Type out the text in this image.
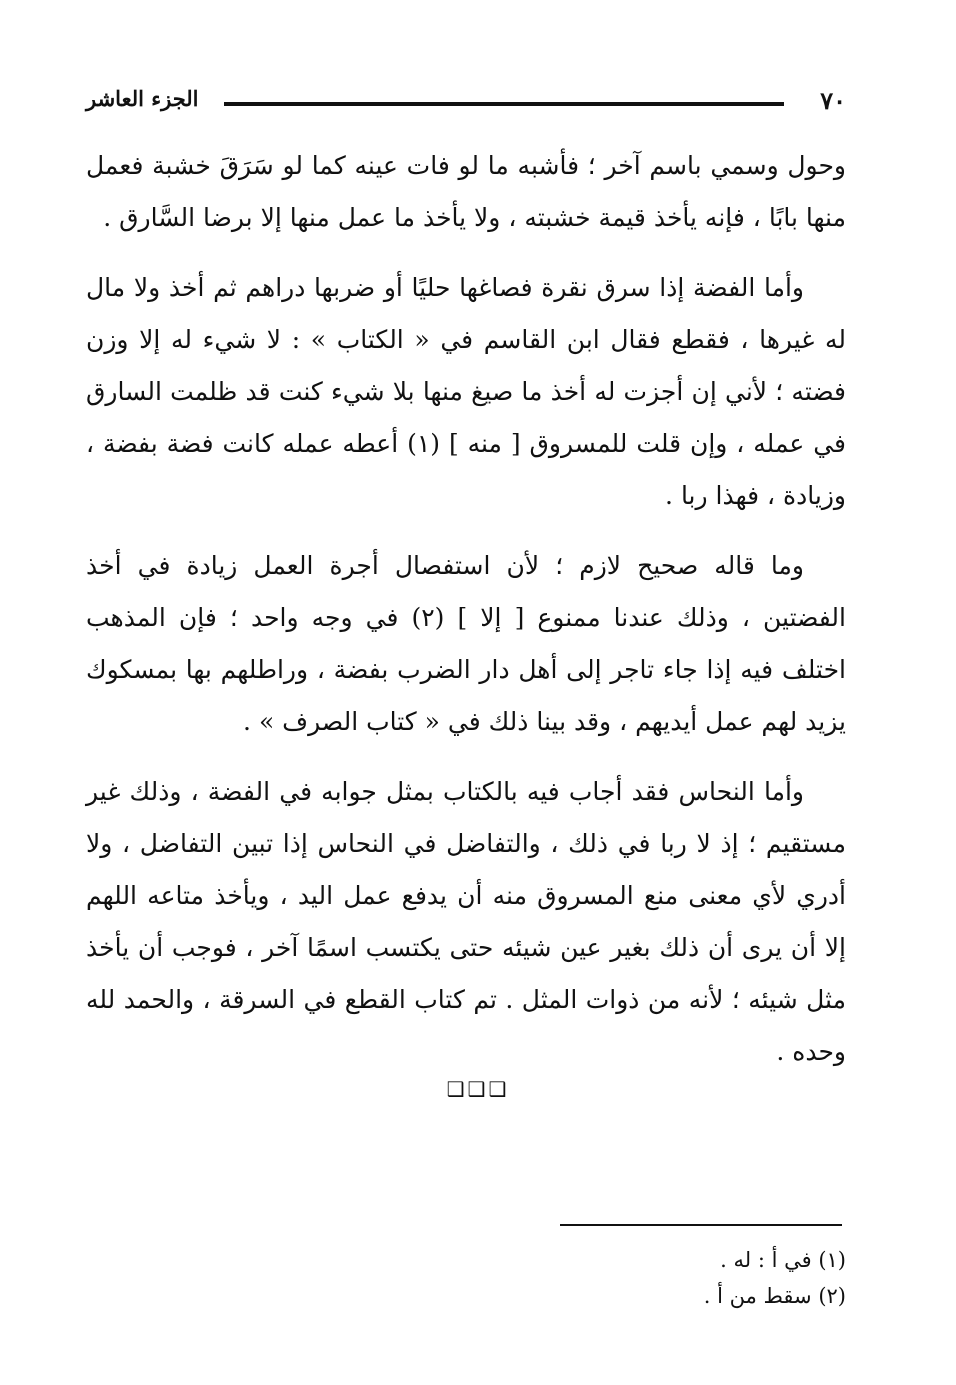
٧٠
الجزء العاشر

وحول وسمي باسم آخر ؛ فأشبه ما لو فات عينه كما لو سَرَقَ خشبة فعمل منها بابًا ، فإنه يأخذ قيمة خشبته ، ولا يأخذ ما عمل منها إلا برضا السَّارق .

وأما الفضة إذا سرق نقرة فصاغها حليًا أو ضربها دراهم ثم أخذ ولا مال له غيرها ، فقطع فقال ابن القاسم في « الكتاب » : لا شيء له إلا وزن فضته ؛ لأني إن أجزت له أخذ ما صيغ منها بلا شيء كنت قد ظلمت السارق في عمله ، وإن قلت للمسروق [ منه ] (١) أعطه عمله كانت فضة بفضة ، وزيادة ، فهذا ربا .

وما قاله صحيح لازم ؛ لأن استفصال أجرة العمل زيادة في أخذ الفضتين ، وذلك عندنا ممنوع [ إلا ] (٢) في وجه واحد ؛ فإن المذهب اختلف فيه إذا جاء تاجر إلى أهل دار الضرب بفضة ، وراطلهم بها بمسكوك يزيد لهم عمل أيديهم ، وقد بينا ذلك في « كتاب الصرف » .

وأما النحاس فقد أجاب فيه بالكتاب بمثل جوابه في الفضة ، وذلك غير مستقيم ؛ إذ لا ربا في ذلك ، والتفاضل في النحاس إذا تبين التفاضل ، ولا أدري لأي معنى منع المسروق منه أن يدفع عمل اليد ، ويأخذ متاعه اللهم إلا أن يرى أن ذلك بغير عين شيئه حتى يكتسب اسمًا آخر ، فوجب أن يأخذ مثل شيئه ؛ لأنه من ذوات المثل . تم كتاب القطع في السرقة ، والحمد لله وحده .

❑❑❑

(١) في أ : له .

(٢) سقط من أ .
